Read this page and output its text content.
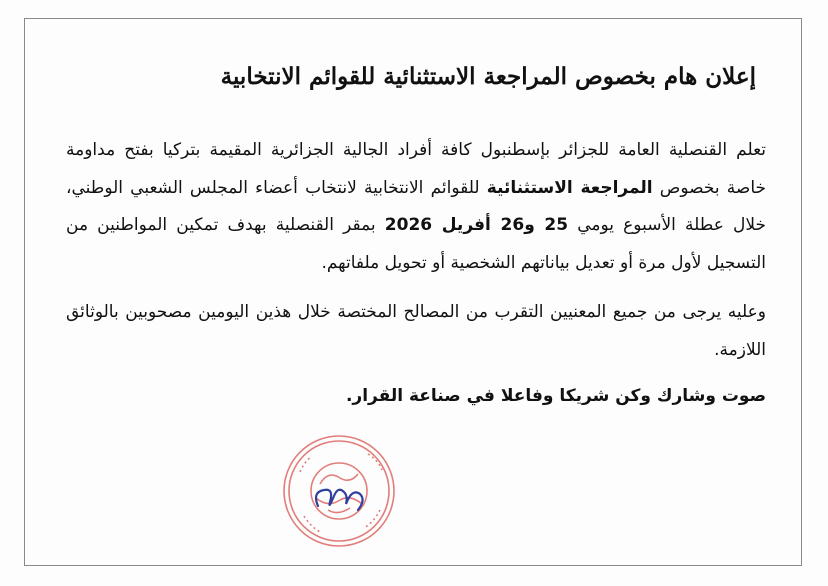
إعلان هام بخصوص المراجعة الاستثنائية للقوائم الانتخابية

تعلم القنصلية العامة للجزائر بإسطنبول كافة أفراد الجالية الجزائرية المقيمة بتركيا بفتح مداومة خاصة بخصوص المراجعة الاستثنائية للقوائم الانتخابية لانتخاب أعضاء المجلس الشعبي الوطني، خلال عطلة الأسبوع يومي 25 و26 أفريل 2026 بمقر القنصلية بهدف تمكين المواطنين من التسجيل لأول مرة أو تعديل بياناتهم الشخصية أو تحويل ملفاتهم.

وعليه يرجى من جميع المعنيين التقرب من المصالح المختصة خلال هذين اليومين مصحوبين بالوثائق اللازمة.

صوت وشارك وكن شريكا وفاعلا في صناعة القرار.
